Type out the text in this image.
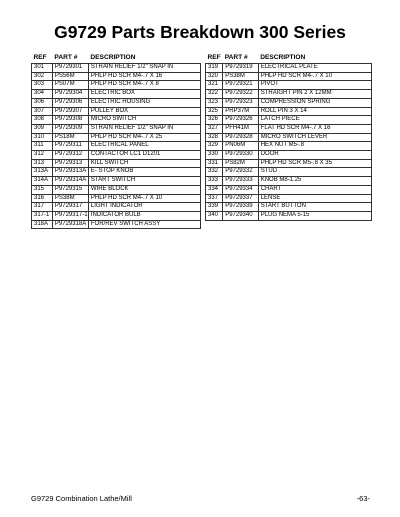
G9729 Parts Breakdown 300 Series
REF	PART #	DESCRIPTION
301	P9729301	STRAIN RELIEF 1/2" SNAP IN
302	PS56M	PHLP HD SCR M4-.7 X 16
303	PS07M	PHLP HD SCR M4-.7 X 8
304	P9729304	ELECTRIC BOX
306	P9729306	ELECTRIC HOUSING
307	P9729307	PULLEY BOX
308	P9729308	MICRO SWITCH
309	P9729309	STRAIN RELIEF 1/2" SNAP IN
310	PS18M	PHLP HD SCR M4-.7 X 25
311	P9729311	ELECTRICAL PANEL
312	P9729312	CONTACTOR LC1 D1201
313	P9729313	KILL SWITCH
313A	P9729313A	E- STOP KNOB
314A	P9729314A	START SWITCH
315	P9729315	WIRE BLOCK
316	PS38M	PHLP HD SCR M4-.7 X 10
317	P9729317	LIGHT INDICATOR
317-1	P9729317-1	INDICATOR BULB
318A	P9729318A	FOR/REV SWITCH ASSY
REF	PART #	DESCRIPTION
319	P9729319	ELECTRICAL PLATE
320	PS38M	PHLP HD SCR M4-.7 X 10
321	P9729321	PIVOT
322	P9729322	STRAIGHT PIN 2 X 12MM
323	P9729323	COMPRESSION SPRING
325	PRP37M	ROLL PIN 3 X 14
326	P9729326	LATCH PIECE
327	PFH41M	FLAT HD SCR M4-.7 X 16
328	P9729328	MICRO SWITCH LEVER
329	PN06M	HEX NUT M5-.8
330	P9729330	DOOR
331	PS82M	PHLP HD SCR M5-.8 X 35
332	P9729332	STUD
333	P9729333	KNOB M8-1.25
334	P9729334	CHART
337	P9729337	LENSE
339	P9729339	START BUTTON
340	P9729340	PLUG NEMA 5-15
G9729 Combination Lathe/Mill	-63-
